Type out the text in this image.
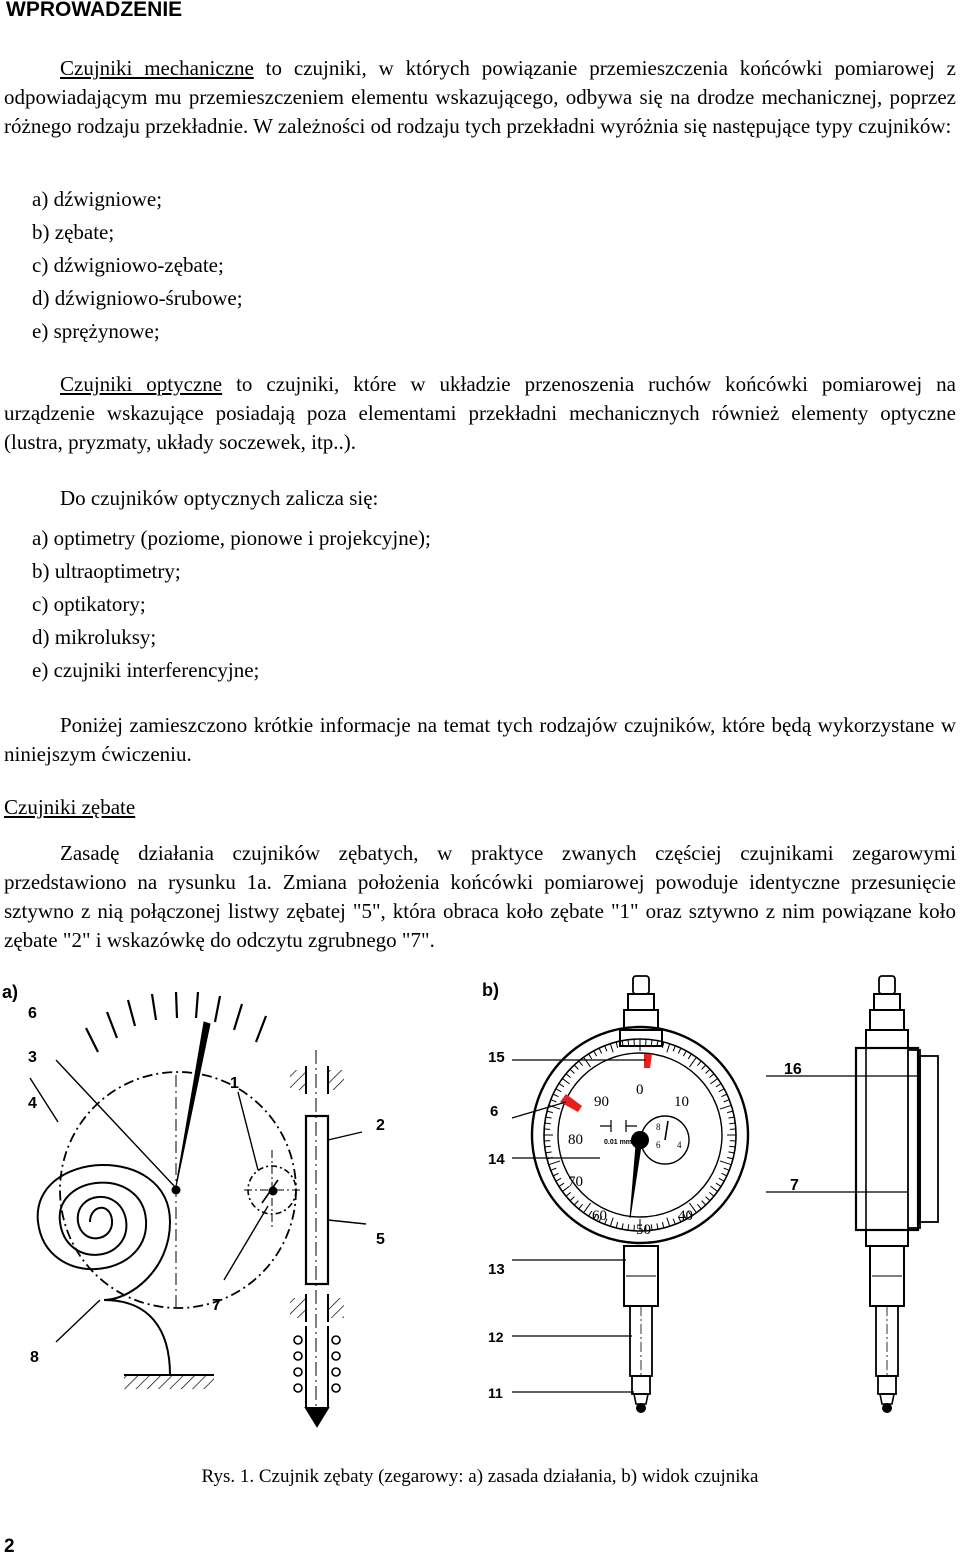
WPROWADZENIE

Czujniki mechaniczne to czujniki, w których powiązanie przemieszczenia końcówki pomiarowej z odpowiadającym mu przemieszczeniem elementu wskazującego, odbywa się na drodze mechanicznej, poprzez różnego rodzaju przekładnie. W zależności od rodzaju tych przekładni wyróżnia się następujące typy czujników:

a) dźwigniowe;
b) zębate;
c) dźwigniowo-zębate;
d) dźwigniowo-śrubowe;
e) sprężynowe;

Czujniki optyczne to czujniki, które w układzie przenoszenia ruchów końcówki pomiarowej na urządzenie wskazujące posiadają poza elementami przekładni mechanicznych również elementy optyczne (lustra, pryzmaty, układy soczewek, itp..).

Do czujników optycznych zalicza się:

a) optimetry (poziome, pionowe i projekcyjne);
b) ultraoptimetry;
c) optikatory;
d) mikroluksy;
e) czujniki interferencyjne;

Poniżej zamieszczono krótkie informacje na temat tych rodzajów czujników, które będą wykorzystane w niniejszym ćwiczeniu.

Czujniki zębate

Zasadę działania czujników zębatych, w praktyce zwanych częściej czujnikami zegarowymi przedstawiono na rysunku 1a. Zmiana położenia końcówki pomiarowej powoduje identyczne przesunięcie sztywno z nią połączonej listwy zębatej "5", która obraca koło zębate "1" oraz sztywno z nim powiązane koło zębate "2" i wskazówkę do odczytu zgrubnego "7".

a)
6
3
4
1
2
5
7
8
b)
15
6
14
13
12
11
16
7
0
10
90
80
70
60
50
40
8
6 4
0.01 mm

Rys. 1. Czujnik zębaty (zegarowy: a) zasada działania, b) widok czujnika

2
